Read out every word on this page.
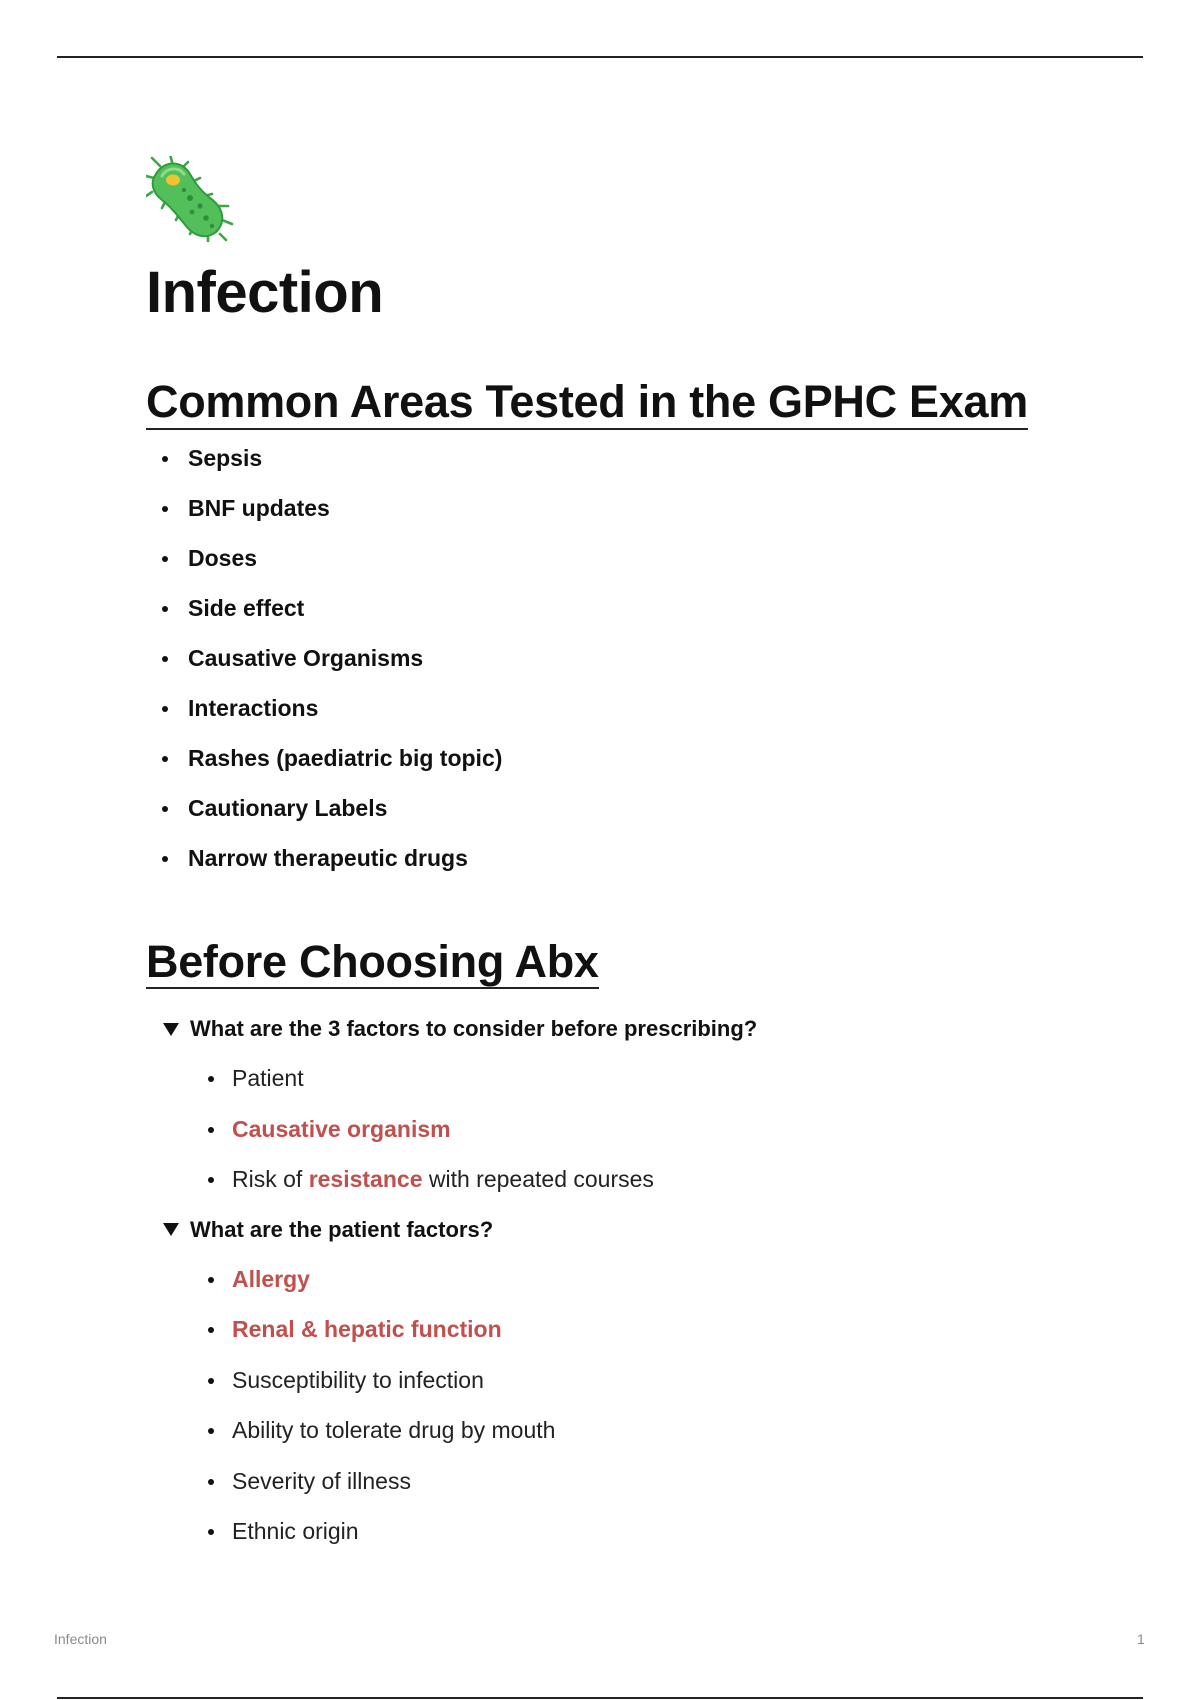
Infection
Common Areas Tested in the GPHC Exam
Sepsis
BNF updates
Doses
Side effect
Causative Organisms
Interactions
Rashes (paediatric big topic)
Cautionary Labels
Narrow therapeutic drugs
Before Choosing Abx
What are the 3 factors to consider before prescribing?
Patient
Causative organism
Risk of resistance with repeated courses
What are the patient factors?
Allergy
Renal & hepatic function
Susceptibility to infection
Ability to tolerate drug by mouth
Severity of illness
Ethnic origin
Infection	1
